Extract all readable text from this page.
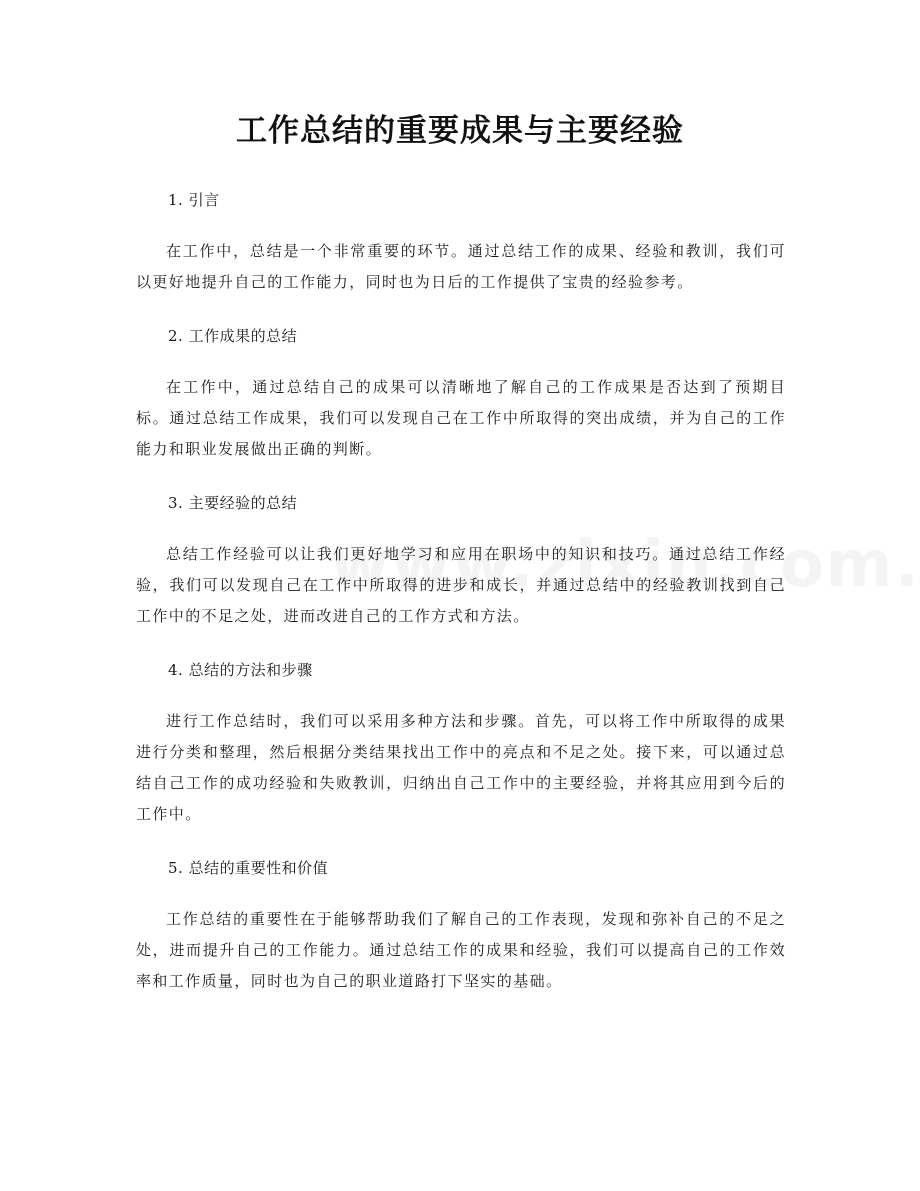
工作总结的重要成果与主要经验

1. 引言

在工作中，总结是一个非常重要的环节。通过总结工作的成果、经验和教训，我们可以更好地提升自己的工作能力，同时也为日后的工作提供了宝贵的经验参考。

2. 工作成果的总结

在工作中，通过总结自己的成果可以清晰地了解自己的工作成果是否达到了预期目标。通过总结工作成果，我们可以发现自己在工作中所取得的突出成绩，并为自己的工作能力和职业发展做出正确的判断。

3. 主要经验的总结

总结工作经验可以让我们更好地学习和应用在职场中的知识和技巧。通过总结工作经验，我们可以发现自己在工作中所取得的进步和成长，并通过总结中的经验教训找到自己工作中的不足之处，进而改进自己的工作方式和方法。

4. 总结的方法和步骤

进行工作总结时，我们可以采用多种方法和步骤。首先，可以将工作中所取得的成果进行分类和整理，然后根据分类结果找出工作中的亮点和不足之处。接下来，可以通过总结自己工作的成功经验和失败教训，归纳出自己工作中的主要经验，并将其应用到今后的工作中。

5. 总结的重要性和价值

工作总结的重要性在于能够帮助我们了解自己的工作表现，发现和弥补自己的不足之处，进而提升自己的工作能力。通过总结工作的成果和经验，我们可以提高自己的工作效率和工作质量，同时也为自己的职业道路打下坚实的基础。
